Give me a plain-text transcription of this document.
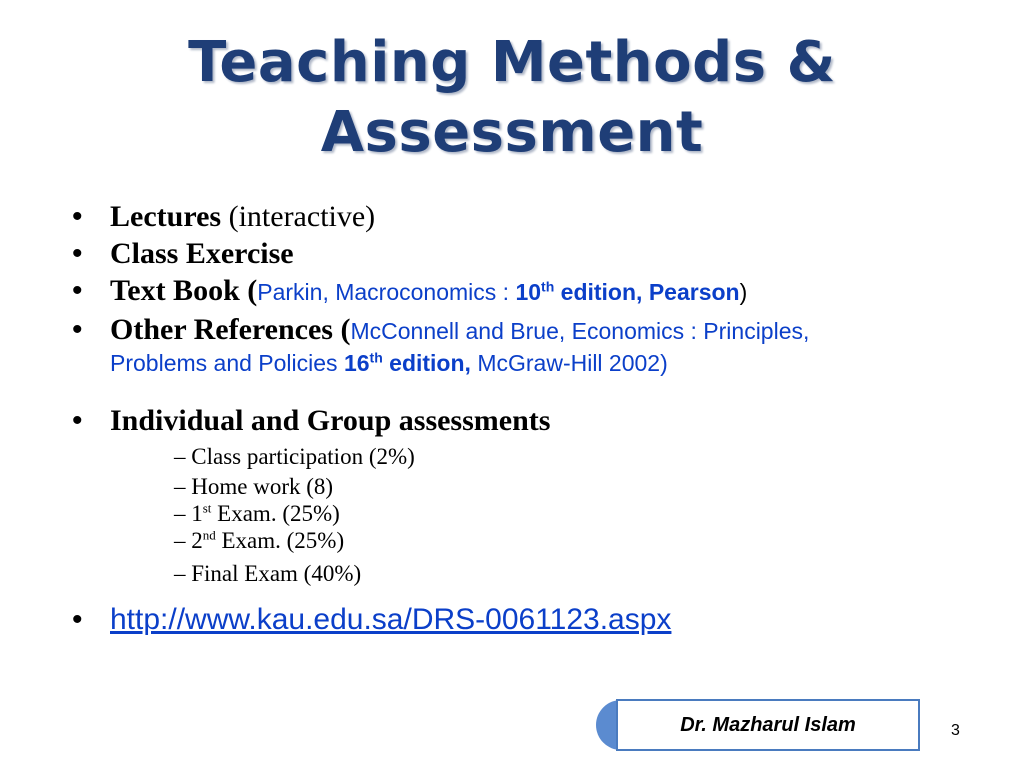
Teaching Methods &
Assessment
• Lectures (interactive)
• Class Exercise
• Text Book (Parkin, Macroconomics : 10th edition, Pearson)
• Other References (McConnell and Brue, Economics : Principles,
Problems and Policies 16th edition, McGraw-Hill 2002)
• Individual and Group assessments
– Class participation (2%)
– Home work (8)
– 1st Exam. (25%)
– 2nd Exam. (25%)
– Final Exam (40%)
• http://www.kau.edu.sa/DRS-0061123.aspx
Dr. Mazharul Islam	3
